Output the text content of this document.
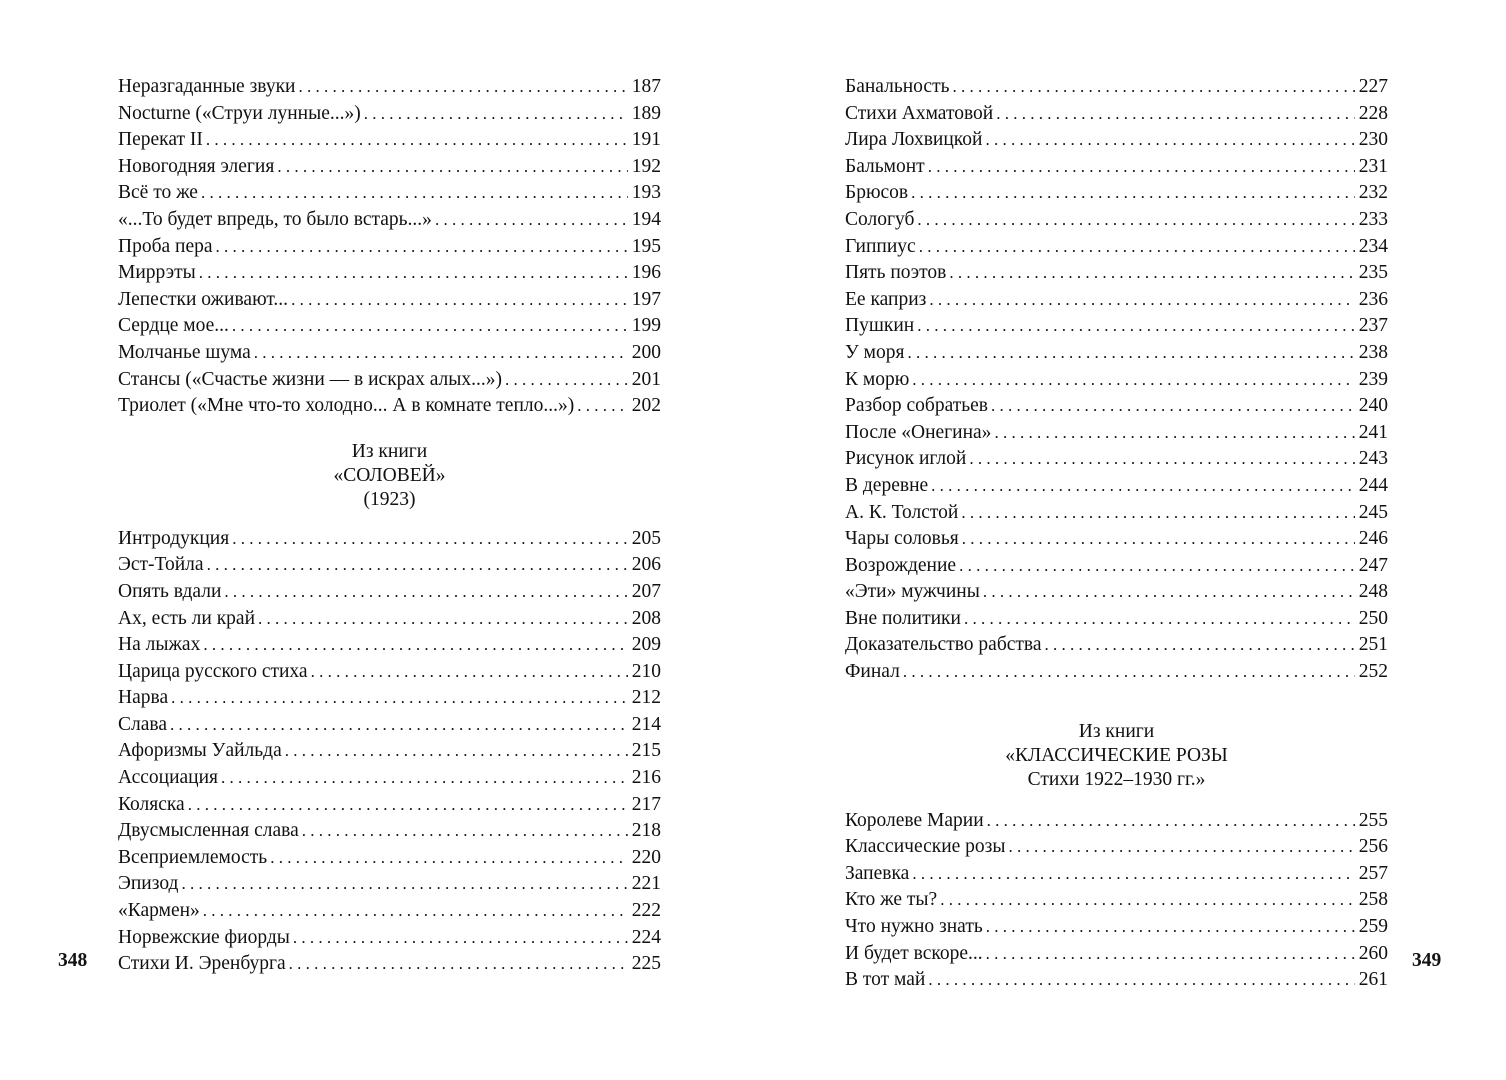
Неразгаданные звуки . . .	187
Nocturne («Струи лунные...») . . .	189
Перекат II . . .	191
Новогодняя элегия . . .	192
Всё то же . . .	193
«...То будет впредь, то было встарь...» . . .	194
Проба пера . . .	195
Миррэты . . .	196
Лепестки оживают... . . .	197
Сердце мое... . . .	199
Молчанье шума . . .	200
Стансы («Счастье жизни — в искрах алых...») . . .	201
Триолет («Мне что-то холодно... А в комнате тепло...») . . .	202
Из книги
«СОЛОВЕЙ»
(1923)
Интродукция . . .	205
Эст-Тойла . . .	206
Опять вдали . . .	207
Ах, есть ли край . . .	208
На лыжах . . .	209
Царица русского стиха . . .	210
Нарва . . .	212
Слава . . .	214
Афоризмы Уайльда . . .	215
Ассоциация . . .	216
Коляска . . .	217
Двусмысленная слава . . .	218
Всеприемлемость . . .	220
Эпизод . . .	221
«Кармен» . . .	222
Норвежские фиорды . . .	224
Стихи И. Эренбурга . . .	225
348
Банальность . . .	227
Стихи Ахматовой . . .	228
Лира Лохвицкой . . .	230
Бальмонт . . .	231
Брюсов . . .	232
Сологуб . . .	233
Гиппиус . . .	234
Пять поэтов . . .	235
Ее каприз . . .	236
Пушкин . . .	237
У моря . . .	238
К морю . . .	239
Разбор собратьев . . .	240
После «Онегина» . . .	241
Рисунок иглой . . .	243
В деревне . . .	244
А. К. Толстой . . .	245
Чары соловья . . .	246
Возрождение . . .	247
«Эти» мужчины . . .	248
Вне политики . . .	250
Доказательство рабства . . .	251
Финал . . .	252
Из книги
«КЛАССИЧЕСКИЕ РОЗЫ
Стихи 1922–1930 гг.»
Королеве Марии . . .	255
Классические розы . . .	256
Запевка . . .	257
Кто же ты? . . .	258
Что нужно знать . . .	259
И будет вскоре... . . .	260
В тот май . . .	261
349
